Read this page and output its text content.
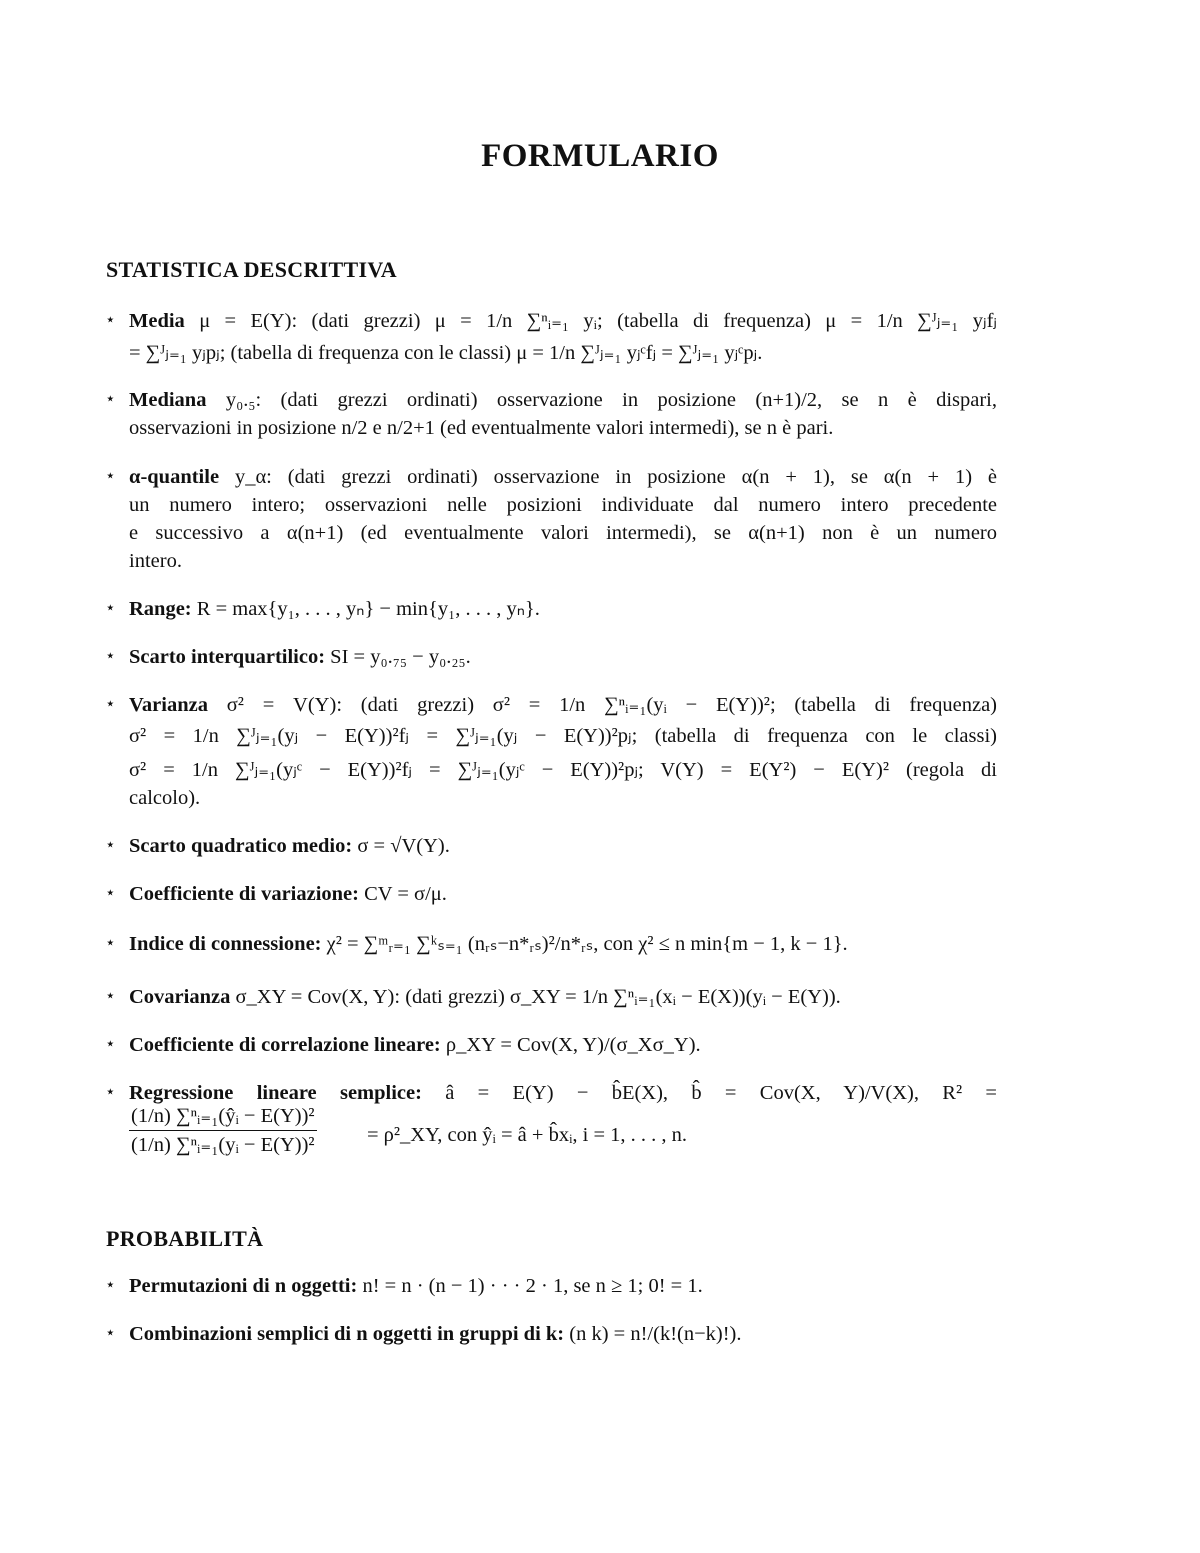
FORMULARIO
STATISTICA DESCRITTIVA
⋆ Media μ = E(Y): (dati grezzi) μ = 1/n ∑ⁿᵢ₌₁ yᵢ; (tabella di frequenza) μ = 1/n ∑ᴶⱼ₌₁ yⱼfⱼ
= ∑ᴶⱼ₌₁ yⱼpⱼ; (tabella di frequenza con le classi) μ = 1/n ∑ᴶⱼ₌₁ yⱼᶜfⱼ = ∑ᴶⱼ₌₁ yⱼᶜpⱼ.
⋆ Mediana y₀.₅: (dati grezzi ordinati) osservazione in posizione (n+1)/2, se n è dispari,
osservazioni in posizione n/2 e n/2+1 (ed eventualmente valori intermedi), se n è pari.
⋆ α-quantile y_α: (dati grezzi ordinati) osservazione in posizione α(n + 1), se α(n + 1) è
un numero intero; osservazioni nelle posizioni individuate dal numero intero precedente
e successivo a α(n+1) (ed eventualmente valori intermedi), se α(n+1) non è un numero
intero.
⋆ Range: R = max{y₁, . . . , yₙ} − min{y₁, . . . , yₙ}.
⋆ Scarto interquartilico: SI = y₀.₇₅ − y₀.₂₅.
⋆ Varianza σ² = V(Y): (dati grezzi) σ² = 1/n ∑ⁿᵢ₌₁(yᵢ − E(Y))²; (tabella di frequenza)
σ² = 1/n ∑ᴶⱼ₌₁(yⱼ − E(Y))²fⱼ = ∑ᴶⱼ₌₁(yⱼ − E(Y))²pⱼ; (tabella di frequenza con le classi)
σ² = 1/n ∑ᴶⱼ₌₁(yⱼᶜ − E(Y))²fⱼ = ∑ᴶⱼ₌₁(yⱼᶜ − E(Y))²pⱼ; V(Y) = E(Y²) − E(Y)² (regola di
calcolo).
⋆ Scarto quadratico medio: σ = √V(Y).
⋆ Coefficiente di variazione: CV = σ/μ.
⋆ Indice di connessione: χ² = ∑ᵐᵣ₌₁ ∑ᵏₛ₌₁ (nᵣₛ−n*ᵣₛ)²/n*ᵣₛ, con χ² ≤ n min{m − 1, k − 1}.
⋆ Covarianza σ_XY = Cov(X, Y): (dati grezzi) σ_XY = 1/n ∑ⁿᵢ₌₁(xᵢ − E(X))(yᵢ − E(Y)).
⋆ Coefficiente di correlazione lineare: ρ_XY = Cov(X, Y)/(σ_Xσ_Y).
⋆ Regressione lineare semplice: â = E(Y) − b̂E(X), b̂ = Cov(X, Y)/V(X), R² =
$\frac{\text{(1/n) ∑ⁿᵢ₌₁(ŷᵢ − E(Y))²}}{\text{(1/n) ∑ⁿᵢ₌₁(yᵢ − E(Y))²}}$ = ρ²_XY, con ŷᵢ = â + b̂xᵢ, i = 1, . . . , n.
PROBABILITÀ
⋆ Permutazioni di n oggetti: n! = n · (n − 1) · · · 2 · 1, se n ≥ 1; 0! = 1.
⋆ Combinazioni semplici di n oggetti in gruppi di k: (n k) = n!/(k!(n−k)!).
